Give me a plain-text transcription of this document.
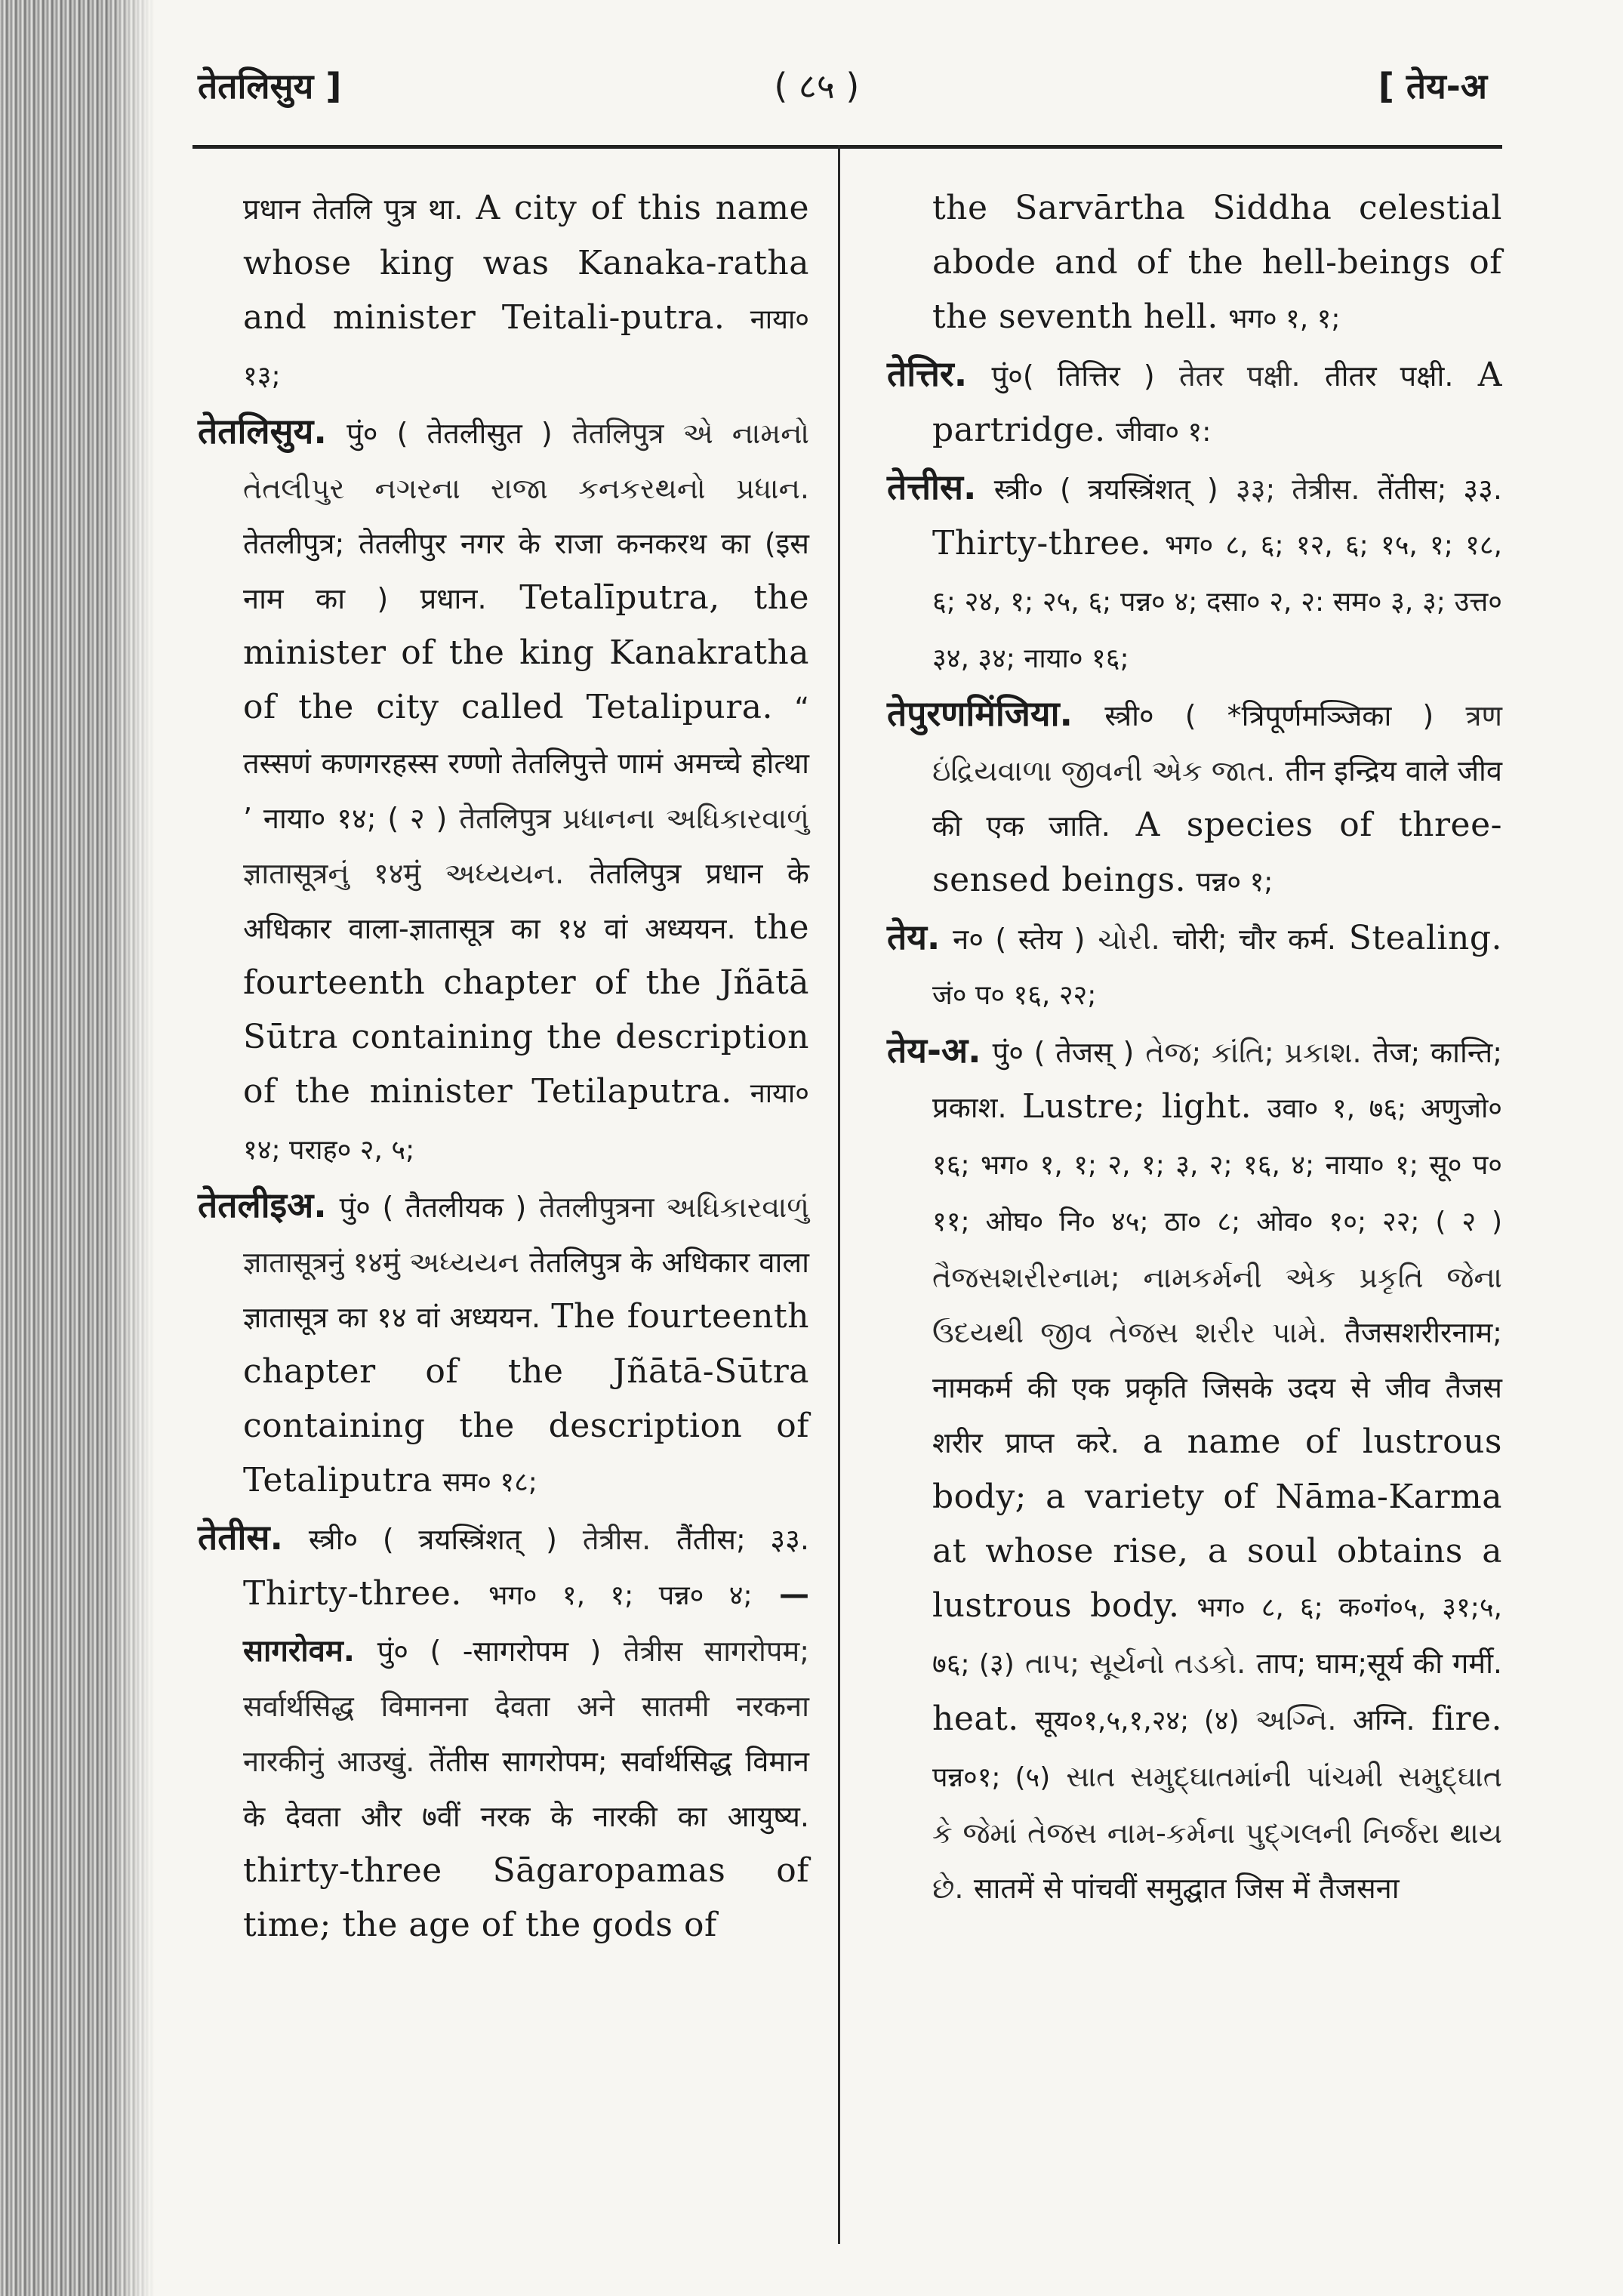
तेतलिसुय ]	( ८५ )	[ तेय-अ

प्रधान तेतलि पुत्र था. A city of this name whose king was Kanaka-ratha and minister Teitali-putra. नाया० १३;

तेतलिसुय. पुं० ( तेतलीसुत ) तेतलिपुत्र એ નામનો તેતલીપુર નગરના રાજા કનકરથનો પ્રધાન. तेतलीपुत्र; तेतलीपुर नगर के राजा कनकरथ का (इस नाम का ) प्रधान. Tetalīputra, the minister of the king Kanakratha of the city called Tetalipura. “ तस्सणं कणगरहस्स रण्णो तेतलिपुत्ते णामं अमच्चे होत्था ’ नाया० १४; ( २ ) तेतलिपुत्र પ્રધાનના અધિકારવાળું ज्ञातासूत्रનું १४मुं અધ્યયન. तेतलिपुत्र प्रधान के अधिकार वाला-ज्ञातासूत्र का १४ वां अध्ययन. the fourteenth chapter of the Jñātā Sūtra containing the description of the minister Tetilaputra. नाया० १४; पराह० २, ५;

तेतलीइअ. पुं० ( तैतलीयक ) तेतलीपुत्रना અધિકારવાળું ज्ञातासूत्रनुं १४मुं અધ્યયન तेतलिपुत्र के अधिकार वाला ज्ञातासूत्र का १४ वां अध्ययन. The fourteenth chapter of the Jñātā-Sūtra containing the description of Tetaliputra सम० १८;

तेतीस. स्त्री० ( त्रयस्त्रिंशत् ) तेत्रीस. तैंतीस; ३३. Thirty-three. भग० १, १; पन्न० ४; —सागरोवम. पुं० ( -सागरोपम ) तेत्रीस सागरोपम; सर्वार्थसिद्ध विमानना देवता अने सातमी नरकना नारकीनुं आउखुं. तेंतीस सागरोपम; सर्वार्थसिद्ध विमान के देवता और ७वीं नरक के नारकी का आयुष्य. thirty-three Sāgaropamas of time; the age of the gods of

the Sarvārtha Siddha celestial abode and of the hell-beings of the seventh hell. भग० १, १;

तेत्तिर. पुं०( तित्तिर ) तेतर पक्षी. तीतर पक्षी. A partridge. जीवा० १:

तेत्तीस. स्त्री० ( त्रयस्त्रिंशत् ) ३३; तेत्रीस. तेंतीस; ३३. Thirty-three. भग० ८, ६; १२, ६; १५, १; १८, ६; २४, १; २५, ६; पन्न० ४; दसा० २, २: सम० ३, ३; उत्त० ३४, ३४; नाया० १६;

तेपुरणमिंजिया. स्त्री० ( *त्रिपूर्णमञ्जिका ) त्रण ઇંદ્રિયવાળા જીવની એક જાત. तीन इन्द्रिय वाले जीव की एक जाति. A species of three-sensed beings. पन्न० १;

तेय. न० ( स्तेय ) ચોરી. चोरी; चौर कर्म. Stealing. जं० प० १६, २२;

तेय-अ. पुं० ( तेजस् ) તેજ; કાંતિ; પ્રકાશ. तेज; कान्ति; प्रकाश. Lustre; light. उवा० १, ७६; अणुजो० १६; भग० १, १; २, १; ३, २; १६, ४; नाया० १; सू० प० ११; ओघ० नि० ४५; ठा० ८; ओव० १०; २२; ( २ ) તૈજસશરીરનામ; નામકર્મની એક પ્રકૃતિ જેના ઉદયથી જીવ તેજસ શરીર પામે. तैजसशरीरनाम; नामकर्म की एक प्रकृति जिसके उदय से जीव तैजस शरीर प्राप्त करे. a name of lustrous body; a variety of Nāma-Karma at whose rise, a soul obtains a lustrous body. भग० ८, ६; क०गं०५, ३१;५, ७६; (३) તાપ; સૂર્યનો તડકો. ताप; घाम;सूर्य की गर्मी. heat. सूय०१,५,१,२४; (४) અગ્નિ. अग्नि. fire. पन्न०१; (५) સાત સમુદ્ઘાતમાંની પાંચમી સમુદ્ઘાત કે જેમાં તેજસ નામ-કર્મના પુદ્ગલની નિર્જરા થાય છે. सातमें से पांचवीं समुद्घात जिस में तैजसना
